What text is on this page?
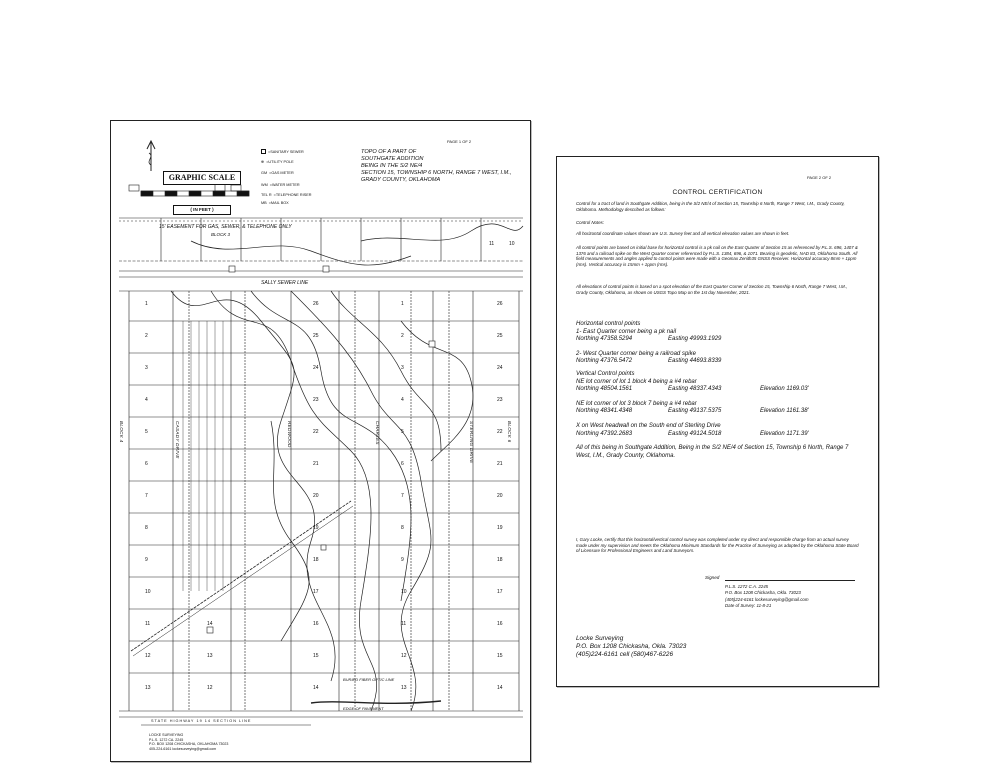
PAGE 1 OF 2
TOPO OF A PART OF
SOUTHGATE ADDITION
BEING IN THE S/2 NE/4
SECTION 15, TOWNSHIP 6 NORTH, RANGE 7 WEST, I.M.,
GRADY COUNTY, OKLAHOMA
=SANITARY SEWER
⊕ =UTILITY POLE
GM =GAS METER
WM =WATER METER
TEL R =TELEPHONE RISER
MB =MAIL BOX
GRAPHIC SCALE
( IN FEET )
15' EASEMENT FOR GAS, SEWER, & TELEPHONE ONLY
BLOCK 3
BLOCK 4	BLOCK 6
SALLY SEWER LINE
CASADY DRIVE	REDWOOD	CHARLES	STERLING DRIVE
11	10
1
2
3
4
5
6
7
8
9
10
11
12
13
14
13
12
26
25
24
23
22
21
20
19
18
17
16
15
14
1
2
3
4
5
6
7
8
9
10
11
12
13
26
25
24
23
22
21
20
19
18
17
16
15
14
BURIED FIBER OPTIC LINE
EDGE OF PAVEMENT
STATE HIGHWAY 19 14 SECTION LINE
LOCKE SURVEYING
P.L.S. 1272 CA. 2245
P.O. BOX 1208 CHICKASHA, OKLAHOMA 73023
405-224-6161 lockesurveying@gmail.com
PAGE 2 OF 2
CONTROL CERTIFICATION
Control for a tract of land in Southgate Addition, being in the S/2 NE/4 of Section 15, Township 6 North, Range 7 West, I.M., Grady County, Oklahoma. Methodology described as follows:
Control Notes:
All horizontal coordinate values shown are U.S. Survey feet and all vertical elevation values are shown in feet.
All control points are based on initial base for horizontal control is a pk nail on the East Quarter of Section 15 as referenced by P.L.S. 696, 1407 & 1376 and a railroad spike on the West Quarter corner referenced by P.L.S. 1384, 696, & 1071. Bearing is geodetic, NAD 83, Oklahoma South. All field measurements and angles applied to control points were made with a Geomax Zenith35 GNSS Receiver. Horizontal accuracy 8mm + 1ppm (rms). Vertical accuracy is 15mm + 1ppm (rms).
All elevations of control points is based on a spot elevation of the East Quarter Corner of Section 15, Township 6 North, Range 7 West, I.M., Grady County, Oklahoma, as shown on USGS Topo Map on the 1st day November, 2021.
Horizontal control points
1- East Quarter corner being a pk nail
Northing 47358.5294	Easting 49993.1929
2- West Quarter corner being a railroad spike
Northing 47376.5472	Easting 44693.8339
Vertical Control points
NE lot corner of lot 1 block 4 being a #4 rebar
Northing 48504.1561	Easting 48337.4343	Elevation 1169.03'
NE lot corner of lot 3 block 7 being a #4 rebar
Northing 48341.4348	Easting 49137.5375	Elevation 1161.38'
X on West headwall on the South end of Sterling Drive
Northing 47392.2683	Easting 49124.5018	Elevation 1171.39'
All of this being in Southgate Addition, Being in the S/2 NE/4 of Section 15, Township 6 North, Range 7 West, I.M., Grady County, Oklahoma.
I, Gary Locke, certify that this horizontal/vertical control survey was completed under my direct and responsible charge from an actual survey made under my supervision and meets the Oklahoma Minimum Standards for the Practice of Surveying as adopted by the Oklahoma State Board of Licensure for Professional Engineers and Land Surveyors.
Signed
P.L.S. 1272 C.A. 2245
P.O. Box 1208 Chickasha, Okla. 73023
(405)224-6161 lockesurveying@gmail.com
Date of Survey: 11-8-21
Locke Surveying
P.O. Box 1208 Chickasha, Okla. 73023
(405)224-6161 cell (580)467-6226
